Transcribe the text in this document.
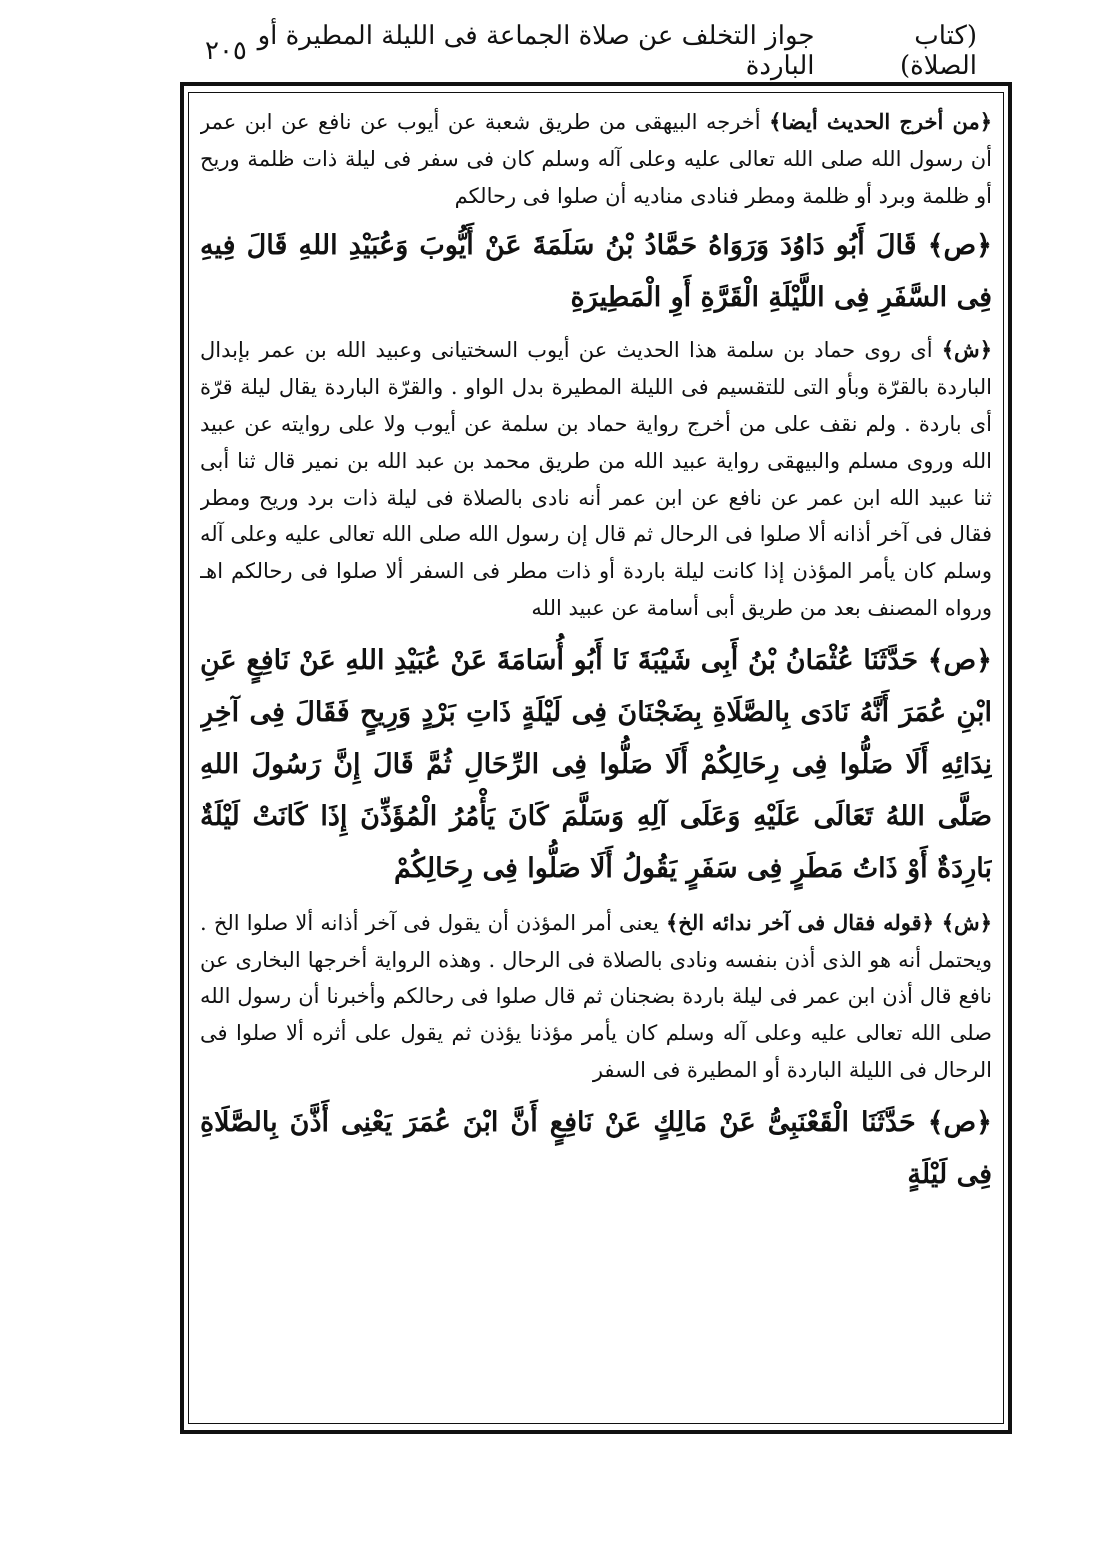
(كتاب الصلاة)
جواز التخلف عن صلاة الجماعة فى الليلة المطيرة أو الباردة
٢٠٥

﴿من أخرج الحديث أيضا﴾ أخرجه البيهقى من طريق شعبة عن أيوب عن نافع عن ابن عمر أن رسول الله صلى الله تعالى عليه وعلى آله وسلم كان فى سفر فى ليلة ذات ظلمة وريح أو ظلمة وبرد أو ظلمة ومطر فنادى مناديه أن صلوا فى رحالكم

﴿ص﴾ قَالَ أَبُو دَاوُدَ وَرَوَاهُ حَمَّادُ بْنُ سَلَمَةَ عَنْ أَيُّوبَ وَعُبَيْدِ اللهِ قَالَ فِيهِ فِى السَّفَرِ فِى اللَّيْلَةِ الْقَرَّةِ أَوِ الْمَطِيرَةِ

﴿ش﴾ أى روى حماد بن سلمة هذا الحديث عن أيوب السختيانى وعبيد الله بن عمر بإبدال الباردة بالقرّة وبأو التى للتقسيم فى الليلة المطيرة بدل الواو . والقرّة الباردة يقال ليلة قرّة أى باردة . ولم نقف على من أخرج رواية حماد بن سلمة عن أيوب ولا على روايته عن عبيد الله وروى مسلم والبيهقى رواية عبيد الله من طريق محمد بن عبد الله بن نمير قال ثنا أبى ثنا عبيد الله ابن عمر عن نافع عن ابن عمر أنه نادى بالصلاة فى ليلة ذات برد وريح ومطر فقال فى آخر أذانه ألا صلوا فى الرحال ثم قال إن رسول الله صلى الله تعالى عليه وعلى آله وسلم كان يأمر المؤذن إذا كانت ليلة باردة أو ذات مطر فى السفر ألا صلوا فى رحالكم اهـ ورواه المصنف بعد من طريق أبى أسامة عن عبيد الله

﴿ص﴾ حَدَّثَنَا عُثْمَانُ بْنُ أَبِى شَيْبَةَ نَا أَبُو أُسَامَةَ عَنْ عُبَيْدِ اللهِ عَنْ نَافِعٍ عَنِ ابْنِ عُمَرَ أَنَّهُ نَادَى بِالصَّلَاةِ بِضَجْنَانَ فِى لَيْلَةٍ ذَاتِ بَرْدٍ وَرِيحٍ فَقَالَ فِى آخِرِ نِدَائِهِ أَلَا صَلُّوا فِى رِحَالِكُمْ أَلَا صَلُّوا فِى الرِّحَالِ ثُمَّ قَالَ إِنَّ رَسُولَ اللهِ صَلَّى اللهُ تَعَالَى عَلَيْهِ وَعَلَى آلِهِ وَسَلَّمَ كَانَ يَأْمُرُ الْمُؤَذِّنَ إِذَا كَانَتْ لَيْلَةٌ بَارِدَةٌ أَوْ ذَاتُ مَطَرٍ فِى سَفَرٍ يَقُولُ أَلَا صَلُّوا فِى رِحَالِكُمْ

﴿ش﴾ ﴿قوله فقال فى آخر ندائه الخ﴾ يعنى أمر المؤذن أن يقول فى آخر أذانه ألا صلوا الخ . ويحتمل أنه هو الذى أذن بنفسه ونادى بالصلاة فى الرحال . وهذه الرواية أخرجها البخارى عن نافع قال أذن ابن عمر فى ليلة باردة بضجنان ثم قال صلوا فى رحالكم وأخبرنا أن رسول الله صلى الله تعالى عليه وعلى آله وسلم كان يأمر مؤذنا يؤذن ثم يقول على أثره ألا صلوا فى الرحال فى الليلة الباردة أو المطيرة فى السفر

﴿ص﴾ حَدَّثَنَا الْقَعْنَبِىُّ عَنْ مَالِكٍ عَنْ نَافِعٍ أَنَّ ابْنَ عُمَرَ يَعْنِى أَذَّنَ بِالصَّلَاةِ فِى لَيْلَةٍ
